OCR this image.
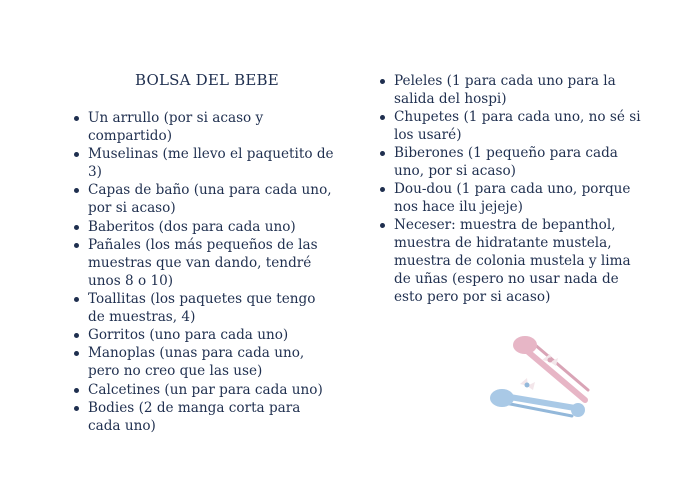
BOLSA DEL BEBE
Un arrullo (por si acaso y compartido)
Muselinas (me llevo el paquetito de 3)
Capas de baño (una para cada uno, por si acaso)
Baberitos (dos para cada uno)
Pañales (los más pequeños de las muestras que van dando, tendré unos 8 o 10)
Toallitas (los paquetes que tengo de muestras, 4)
Gorritos (uno para cada uno)
Manoplas (unas para cada uno, pero no creo que las use)
Calcetines (un par para cada uno)
Bodies (2 de manga corta para cada uno)
Peleles (1 para cada uno para la salida del hospi)
Chupetes (1 para cada uno, no sé si los usaré)
Biberones (1 pequeño para cada uno, por si acaso)
Dou-dou (1 para cada uno, porque nos hace ilu jejeje)
Neceser: muestra de bepanthol, muestra de hidratante mustela, muestra de colonia mustela y lima de uñas (espero no usar nada de esto pero por si acaso)
